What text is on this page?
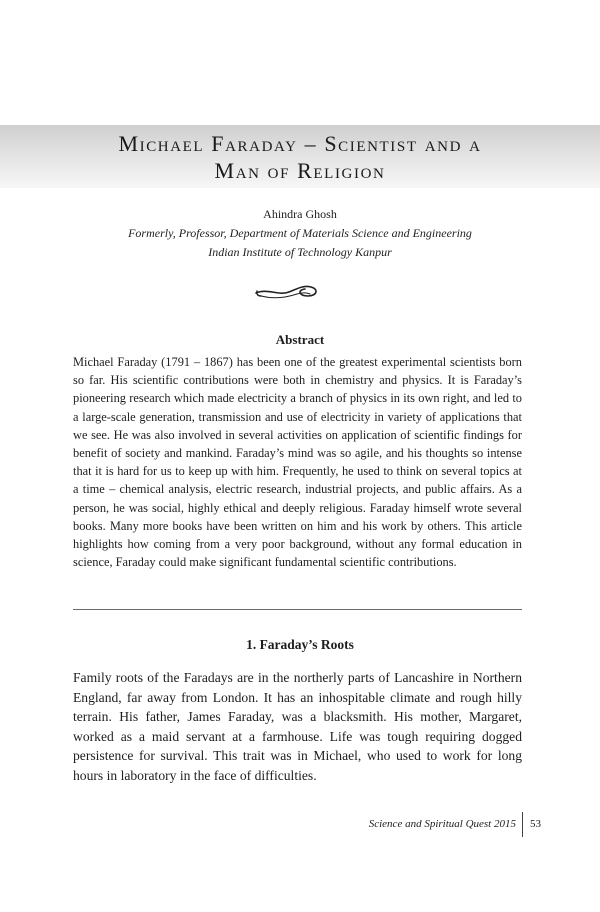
Michael Faraday – Scientist and a
Man of Religion
Ahindra Ghosh
Formerly, Professor, Department of Materials Science and Engineering
Indian Institute of Technology Kanpur
Abstract

Michael Faraday (1791 – 1867) has been one of the greatest experimental scientists born so far. His scientific contributions were both in chemistry and physics. It is Faraday’s pioneering research which made electricity a branch of physics in its own right, and led to a large-scale generation, transmission and use of electricity in variety of applications that we see. He was also involved in several activities on application of scientific findings for benefit of society and mankind. Faraday’s mind was so agile, and his thoughts so intense that it is hard for us to keep up with him. Frequently, he used to think on several topics at a time – chemical analysis, electric research, industrial projects, and public affairs. As a person, he was social, highly ethical and deeply religious. Faraday himself wrote several books. Many more books have been written on him and his work by others. This article highlights how coming from a very poor background, without any formal education in science, Faraday could make significant fundamental scientific contributions.

1. Faraday’s Roots

Family roots of the Faradays are in the northerly parts of Lancashire in Northern England, far away from London. It has an inhospitable climate and rough hilly terrain. His father, James Faraday, was a blacksmith. His mother, Margaret, worked as a maid servant at a farmhouse. Life was tough requiring dogged persistence for survival. This trait was in Michael, who used to work for long hours in laboratory in the face of difficulties.

Science and Spiritual Quest 2015 53
